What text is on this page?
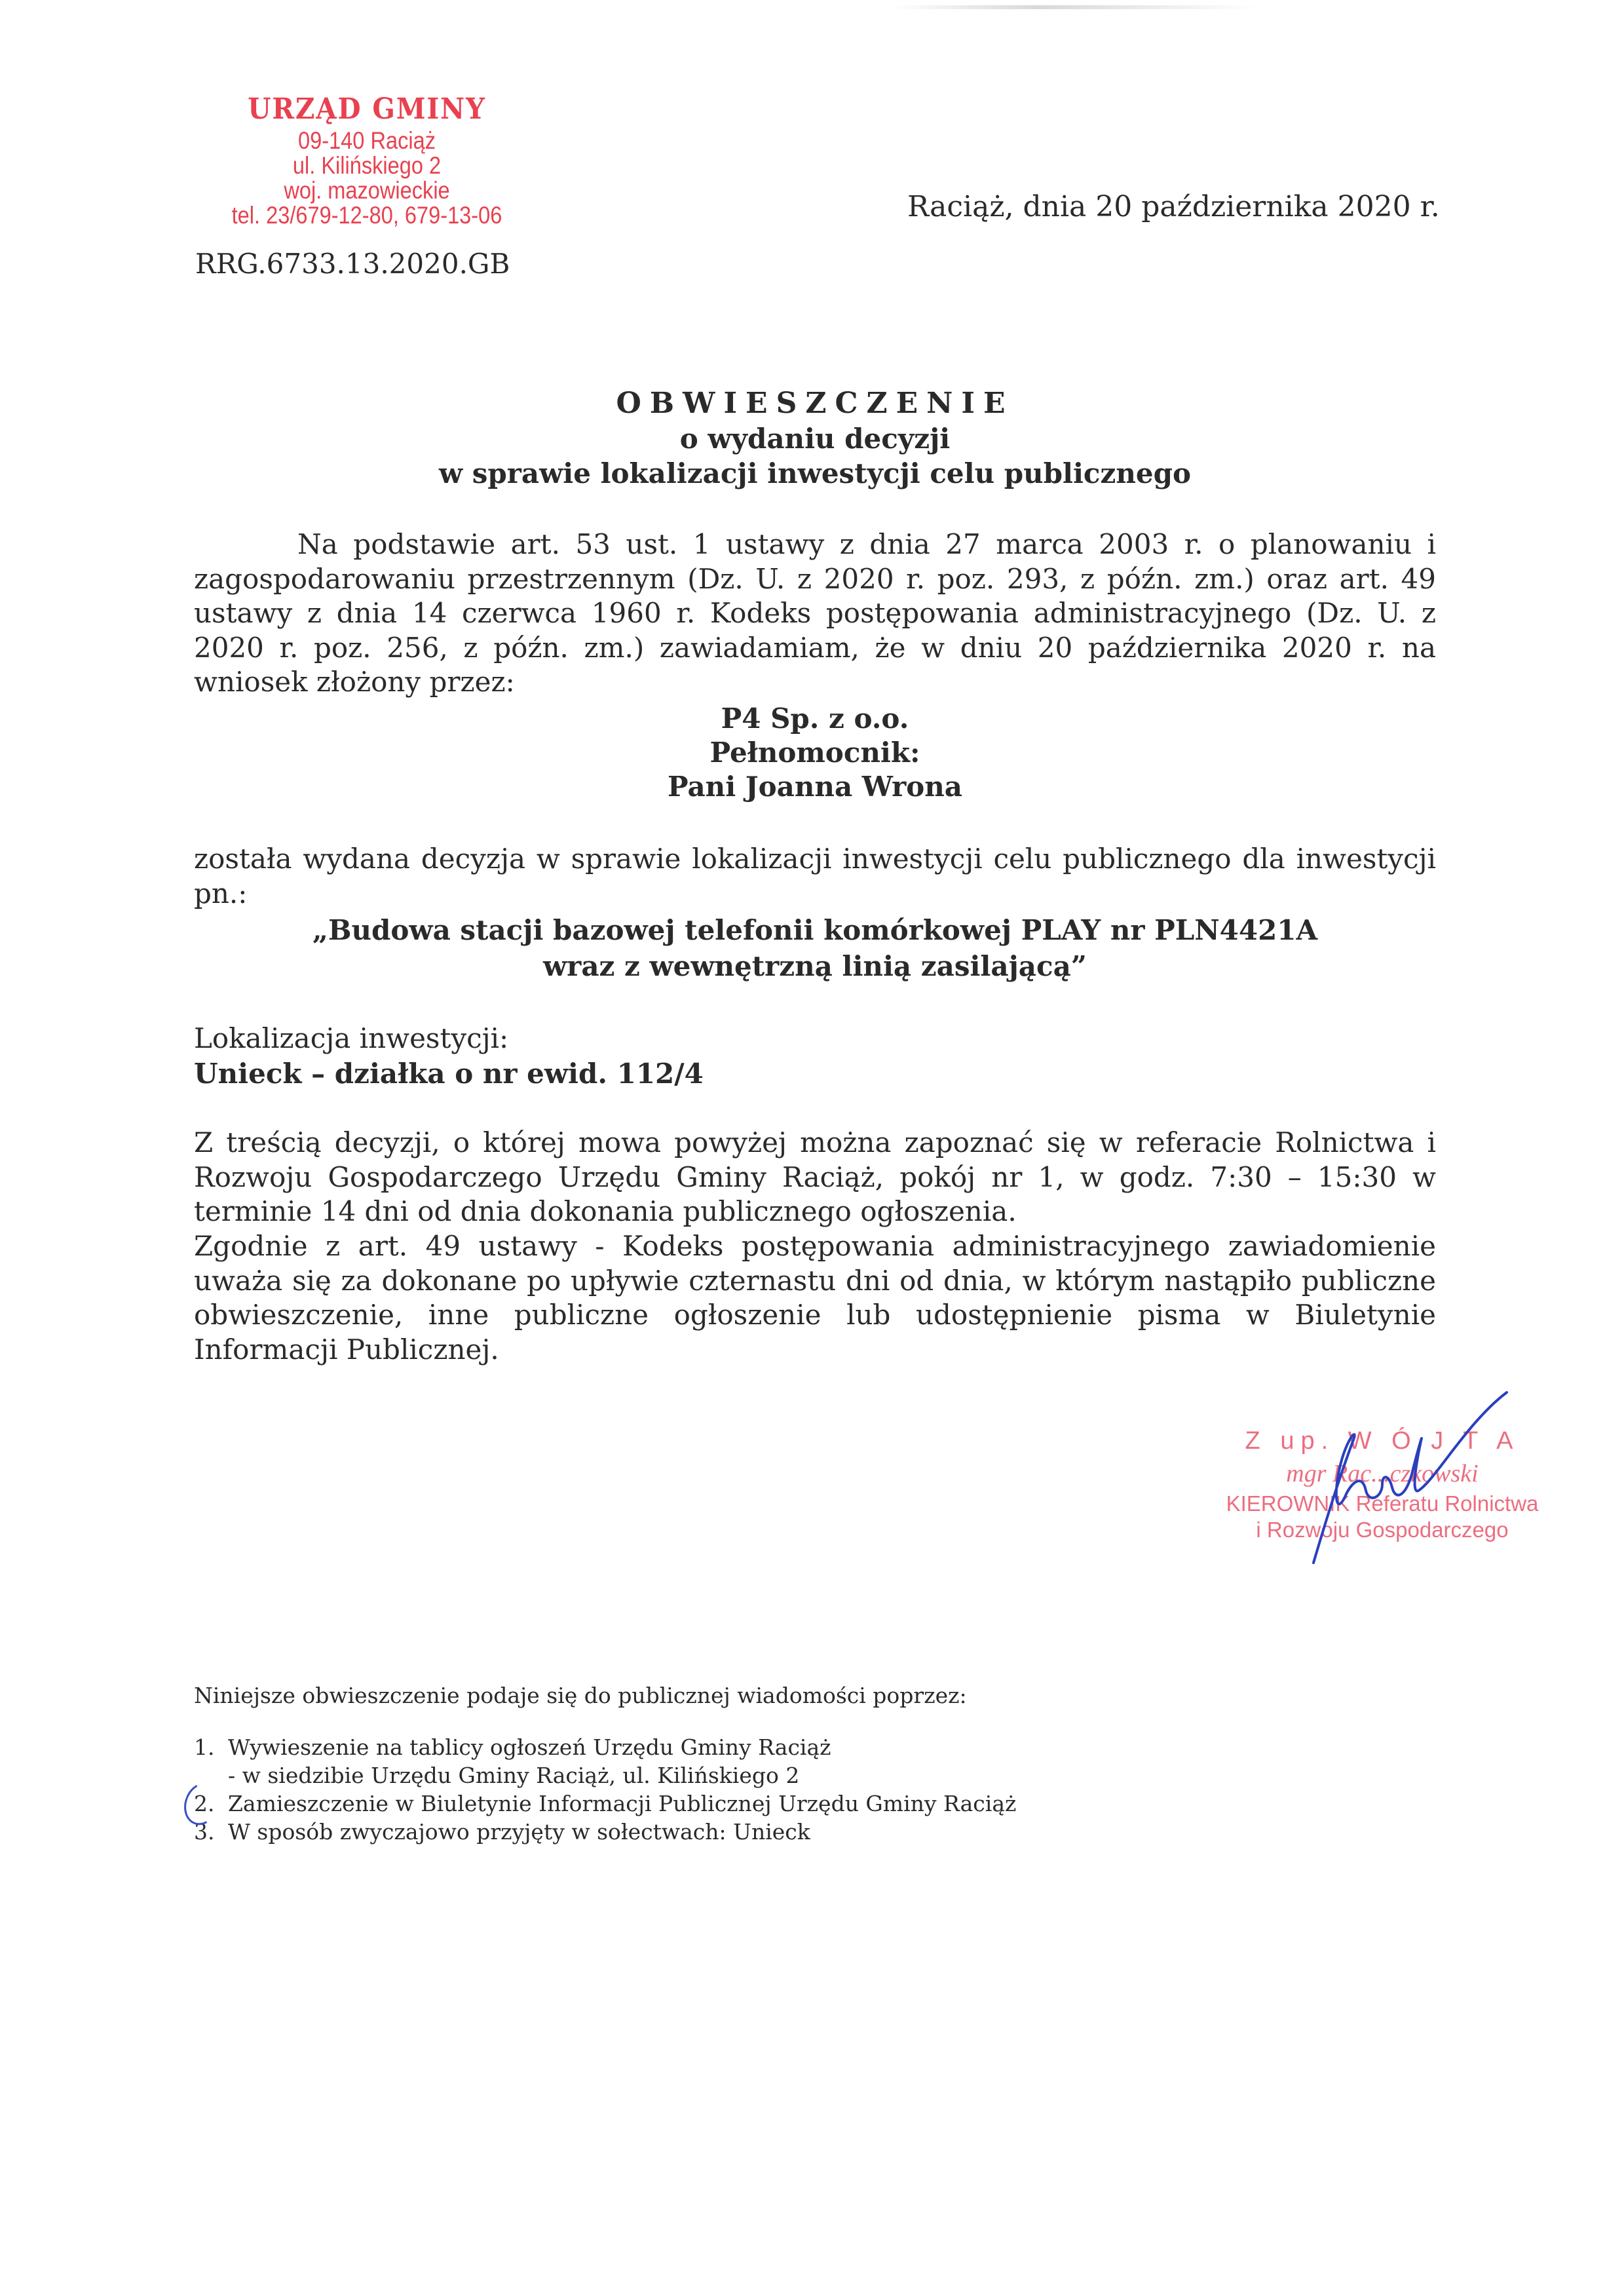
URZĄD GMINY
09-140 Raciąż
ul. Kilińskiego 2
woj. mazowieckie
tel. 23/679-12-80, 679-13-06	Raciąż, dnia 20 października 2020 r.
RRG.6733.13.2020.GB
OBWIESZCZENIE
o wydaniu decyzji
w sprawie lokalizacji inwestycji celu publicznego
Na podstawie art. 53 ust. 1 ustawy z dnia 27 marca 2003 r. o planowaniu i zagospodarowaniu przestrzennym (Dz. U. z 2020 r. poz. 293, z późn. zm.) oraz art. 49 ustawy z dnia 14 czerwca 1960 r. Kodeks postępowania administracyjnego (Dz. U. z 2020 r. poz. 256, z późn. zm.) zawiadamiam, że w dniu 20 października 2020 r. na wniosek złożony przez:
P4 Sp. z o.o.
Pełnomocnik:
Pani Joanna Wrona
została wydana decyzja w sprawie lokalizacji inwestycji celu publicznego dla inwestycji pn.:
„Budowa stacji bazowej telefonii komórkowej PLAY nr PLN4421A
wraz z wewnętrzną linią zasilającą”
Lokalizacja inwestycji:
Unieck – działka o nr ewid. 112/4
Z treścią decyzji, o której mowa powyżej można zapoznać się w referacie Rolnictwa i Rozwoju Gospodarczego Urzędu Gminy Raciąż, pokój nr 1, w godz. 7:30 – 15:30 w terminie 14 dni od dnia dokonania publicznego ogłoszenia.
Zgodnie z art. 49 ustawy - Kodeks postępowania administracyjnego zawiadomienie uważa się za dokonane po upływie czternastu dni od dnia, w którym nastąpiło publiczne obwieszczenie, inne publiczne ogłoszenie lub udostępnienie pisma w Biuletynie Informacji Publicznej.
Z up. W Ó J T A
mgr Rac...czkowski
KIEROWNIK Referatu Rolnictwa
i Rozwoju Gospodarczego
Niniejsze obwieszczenie podaje się do publicznej wiadomości poprzez:
1. Wywieszenie na tablicy ogłoszeń Urzędu Gminy Raciąż
- w siedzibie Urzędu Gminy Raciąż, ul. Kilińskiego 2
2. Zamieszczenie w Biuletynie Informacji Publicznej Urzędu Gminy Raciąż
3. W sposób zwyczajowo przyjęty w sołectwach: Unieck
